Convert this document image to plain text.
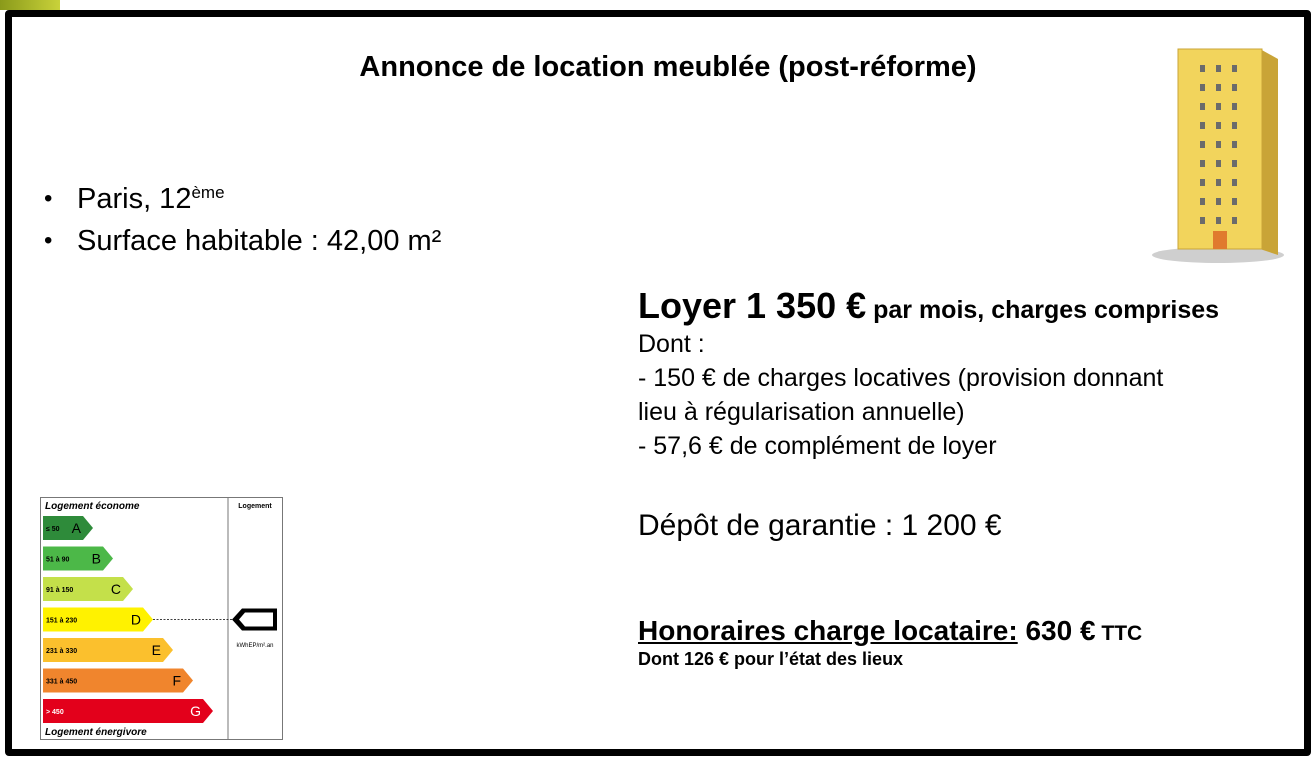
Annonce de location meublée (post-réforme)
• Paris, 12ème
• Surface habitable : 42,00 m²
Loyer 1 350 € par mois, charges comprises
Dont :
- 150 € de charges locatives (provision donnant
lieu à régularisation annuelle)
- 57,6 € de complément de loyer
Dépôt de garantie : 1 200 €
Honoraires charge locataire: 630 € TTC
Dont 126 € pour l’état des lieux
Logement économe	Logement
Logement énergivore
≤ 50 A
51 à 90 B
91 à 150	C
151 à 230	D
231 à 330	E
331 à 450	F
> 450	G
kWhEP/m².an
